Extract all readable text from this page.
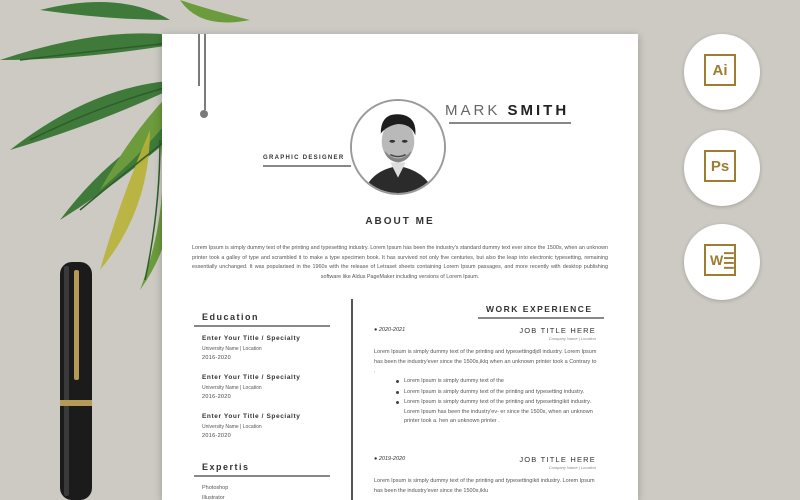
MARK SMITH
GRAPHIC DESIGNER
ABOUT ME
Lorem Ipsum is simply dummy text of the printing and typesetting industry. Lorem Ipsum has been the industry's standard dummy text ever since the 1500s, when an unknown printer took a galley of type and scrambled it to make a type specimen book. It has survived not only five centuries, but also the leap into electronic typesetting, remaining essentially unchanged. It was popularised in the 1960s with the release of Letraset sheets containing Lorem Ipsum passages, and more recently with desktop publishing software like Aldus PageMaker including versions of Lorem Ipsum.
Education
Enter Your Title / Specialty
University Name | Location
2016-2020
Enter Your Title / Specialty
University Name | Location
2016-2020
Enter Your Title / Specialty
University Name | Location
2016-2020
Expertis
Photoshop
Illustrator
WORK EXPERIENCE
● 2020-2021	JOB TITLE HERE
Company Name | Location
Lorem Ipsum is simply dummy text of the printing and typesettingdjdl industry. Lorem Ipsum has been the industry'ever since the 1500s,iklq when an unknown printer took a Contrary to .
Lorem Ipsum is simply dummy text of the
Lorem Ipsum is simply dummy text of the printing and typesetting industry.
Lorem Ipsum is simply dummy text of the printing and typesettingikit industry. Lorem Ipsum has been the industry'ev- er since the 1500s, when an unknown printer took a. hen an unknown printer .
● 2019-2020	JOB TITLE HERE
Company Name | Location
Lorem Ipsum is simply dummy text of the printing and typesettingikit industry. Lorem Ipsum has been the industry'ever since the 1500s,iklu
Ai
Ps
W
